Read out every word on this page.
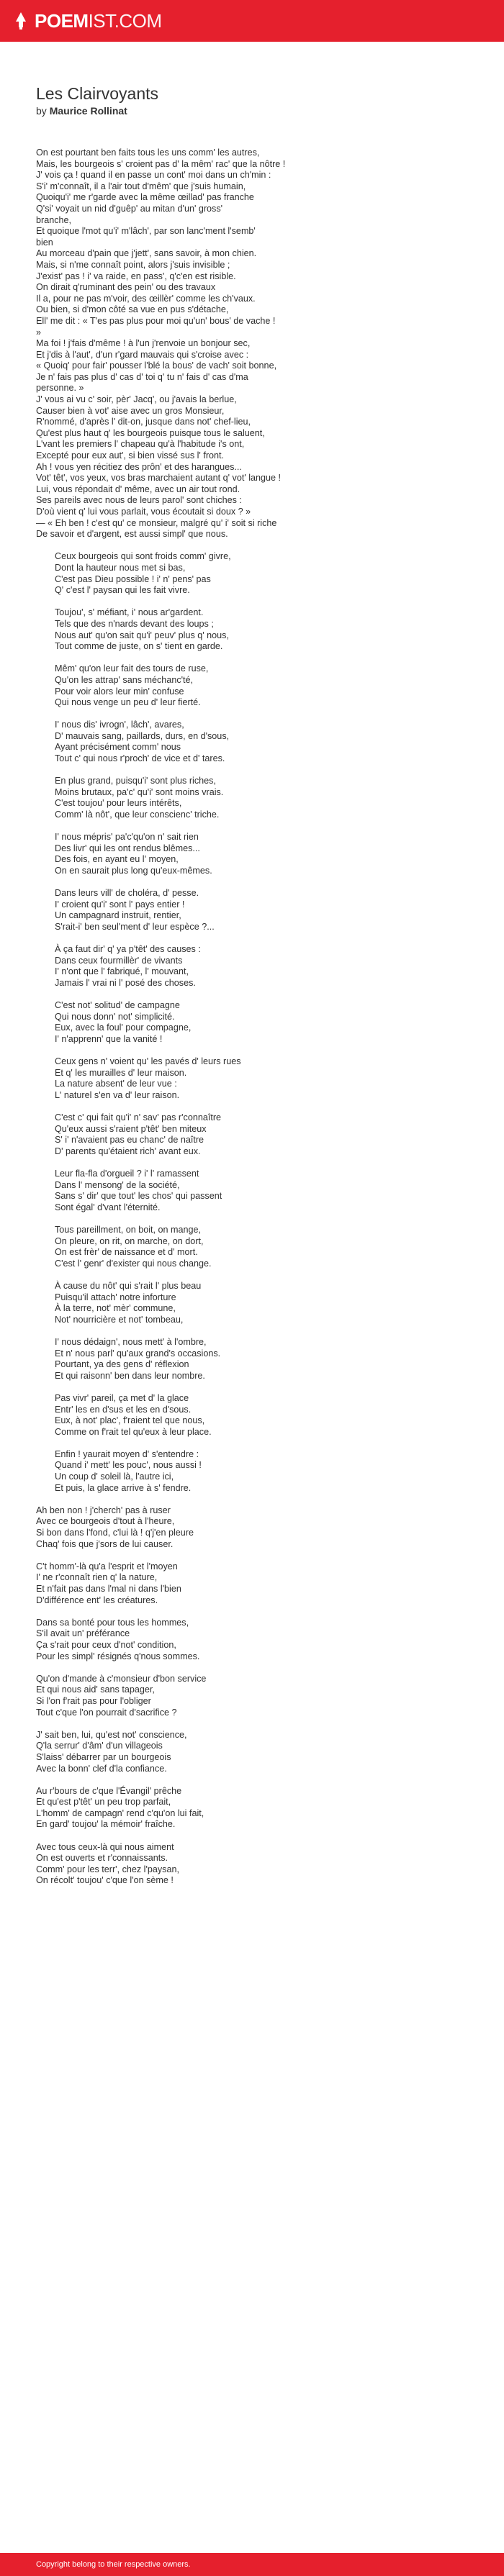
POEM IST.COM
Les Clairvoyants
by Maurice Rollinat
On est pourtant ben faits tous les uns comm' les autres,
Mais, les bourgeois s' croient pas d' la mêm' rac' que la nôtre !
J' vois ça ! quand il en passe un cont' moi dans un ch'min :
S'i' m'connaît, il a l'air tout d'mêm' que j'suis humain,
Quoiqu'i' me r'garde avec la même œillad' pas franche
Q'si' voyait un nid d'guêp' au mitan d'un' gross'
branche,
Et quoique l'mot qu'i' m'lâch', par son lanc'ment l'semb'
bien
Au morceau d'pain que j'jett', sans savoir, à mon chien.
Mais, si n'me connaît point, alors j'suis invisible ;
J'exist' pas ! i' va raide, en pass', q'c'en est risible.
On dirait q'ruminant des pein' ou des travaux
Il a, pour ne pas m'voir, des œillèr' comme les ch'vaux.
Ou bien, si d'mon côté sa vue en pus s'détache,
Ell' me dit : « T'es pas plus pour moi qu'un' bous' de vache !
»
Ma foi ! j'fais d'même ! à l'un j'renvoie un bonjour sec,
Et j'dis à l'aut', d'un r'gard mauvais qui s'croise avec :
« Quoiq' pour fair' pousser l'blé la bous' de vach' soit bonne,
Je n' fais pas plus d' cas d' toi q' tu n' fais d' cas d'ma
personne. »
J' vous ai vu c' soir, pèr' Jacq', ou j'avais la berlue,
Causer bien à vot' aise avec un gros Monsieur,
R'nommé, d'après l' dit-on, jusque dans not' chef-lieu,
Qu'est plus haut q' les bourgeois puisque tous le saluent,
L'vant les premiers l' chapeau qu'à l'habitude i's ont,
Excepté pour eux aut', si bien vissé sus l' front.
Ah ! vous yen récitiez des prôn' et des harangues...
Vot' têt', vos yeux, vos bras marchaient autant q' vot' langue !
Lui, vous répondait d' même, avec un air tout rond.
Ses pareils avec nous de leurs parol' sont chiches :
D'où vient q' lui vous parlait, vous écoutait si doux ? »
— « Eh ben ! c'est qu' ce monsieur, malgré qu' i' soit si riche
De savoir et d'argent, est aussi simpl' que nous.
Ceux bourgeois qui sont froids comm' givre,
Dont la hauteur nous met si bas,
C'est pas Dieu possible ! i' n' pens' pas
Q' c'est l' paysan qui les fait vivre.
Toujou', s' méfiant, i' nous ar'gardent.
Tels que des n'nards devant des loups ;
Nous aut' qu'on sait qu'i' peuv' plus q' nous,
Tout comme de juste, on s' tient en garde.
Mêm' qu'on leur fait des tours de ruse,
Qu'on les attrap' sans méchanc'té,
Pour voir alors leur min' confuse
Qui nous venge un peu d' leur fierté.
I' nous dis' ivrogn', lâch', avares,
D' mauvais sang, paillards, durs, en d'sous,
Ayant précisément comm' nous
Tout c' qui nous r'proch' de vice et d' tares.
En plus grand, puisqu'i' sont plus riches,
Moins brutaux, pa'c' qu'i' sont moins vrais.
C'est toujou' pour leurs intérêts,
Comm' là nôt', que leur conscienc' triche.
I' nous mépris' pa'c'qu'on n' sait rien
Des livr' qui les ont rendus blêmes...
Des fois, en ayant eu l' moyen,
On en saurait plus long qu'eux-mêmes.
Dans leurs vill' de choléra, d' pesse.
I' croient qu'i' sont l' pays entier !
Un campagnard instruit, rentier,
S'rait-i' ben seul'ment d' leur espèce ?...
À ça faut dir' q' ya p'têt' des causes :
Dans ceux fourmillèr' de vivants
I' n'ont que l' fabriqué, l' mouvant,
Jamais l' vrai ni l' posé des choses.
C'est not' solitud' de campagne
Qui nous donn' not' simplicité.
Eux, avec la foul' pour compagne,
I' n'apprenn' que la vanité !
Ceux gens n' voient qu' les pavés d' leurs rues
Et q' les murailles d' leur maison.
La nature absent' de leur vue :
L' naturel s'en va d' leur raison.
C'est c' qui fait qu'i' n' sav' pas r'connaître
Qu'eux aussi s'raient p'têt' ben miteux
S' i' n'avaient pas eu chanc' de naître
D' parents qu'étaient rich' avant eux.
Leur fla-fla d'orgueil ? i' l' ramassent
Dans l' mensong' de la société,
Sans s' dir' que tout' les chos' qui passent
Sont égal' d'vant l'éternité.
Tous pareillment, on boit, on mange,
On pleure, on rit, on marche, on dort,
On est frèr' de naissance et d' mort.
C'est l' genr' d'exister qui nous change.
À cause du nôt' qui s'rait l' plus beau
Puisqu'il attach' notre inforture
À la terre, not' mèr' commune,
Not' nourricière et not' tombeau,
I' nous dédaign', nous mett' à l'ombre,
Et n' nous parl' qu'aux grand's occasions.
Pourtant, ya des gens d' réflexion
Et qui raisonn' ben dans leur nombre.
Pas vivr' pareil, ça met d' la glace
Entr' les en d'sus et les en d'sous.
Eux, à not' plac', f'raient tel que nous,
Comme on f'rait tel qu'eux à leur place.
Enfin ! yaurait moyen d' s'entendre :
Quand i' mett' les pouc', nous aussi !
Un coup d' soleil là, l'autre ici,
Et puis, la glace arrive à s' fendre.
Ah ben non ! j'cherch' pas à ruser
Avec ce bourgeois d'tout à l'heure,
Si bon dans l'fond, c'lui là ! q'j'en pleure
Chaq' fois que j'sors de lui causer.
C't homm'-là qu'a l'esprit et l'moyen
I' ne r'connaît rien q' la nature,
Et n'fait pas dans l'mal ni dans l'bien
D'différence ent' les créatures.
Dans sa bonté pour tous les hommes,
S'il avait un' préférance
Ça s'rait pour ceux d'not' condition,
Pour les simpl' résignés q'nous sommes.
Qu'on d'mande à c'monsieur d'bon service
Et qui nous aid' sans tapager,
Si l'on f'rait pas pour l'obliger
Tout c'que l'on pourrait d'sacrifice ?
J' sait ben, lui, qu'est not' conscience,
Q'la serrur' d'âm' d'un villageois
S'laiss' débarrer par un bourgeois
Avec la bonn' clef d'la confiance.
Au r'bours de c'que l'Évangil' prêche
Et qu'est p'têt' un peu trop parfait,
L'homm' de campagn' rend c'qu'on lui fait,
En gard' toujou' la mémoir' fraîche.
Avec tous ceux-là qui nous aiment
On est ouverts et r'connaissants.
Comm' pour les terr', chez l'paysan,
On récolt' toujou' c'que l'on sème !
Copyright belong to their respective owners.
